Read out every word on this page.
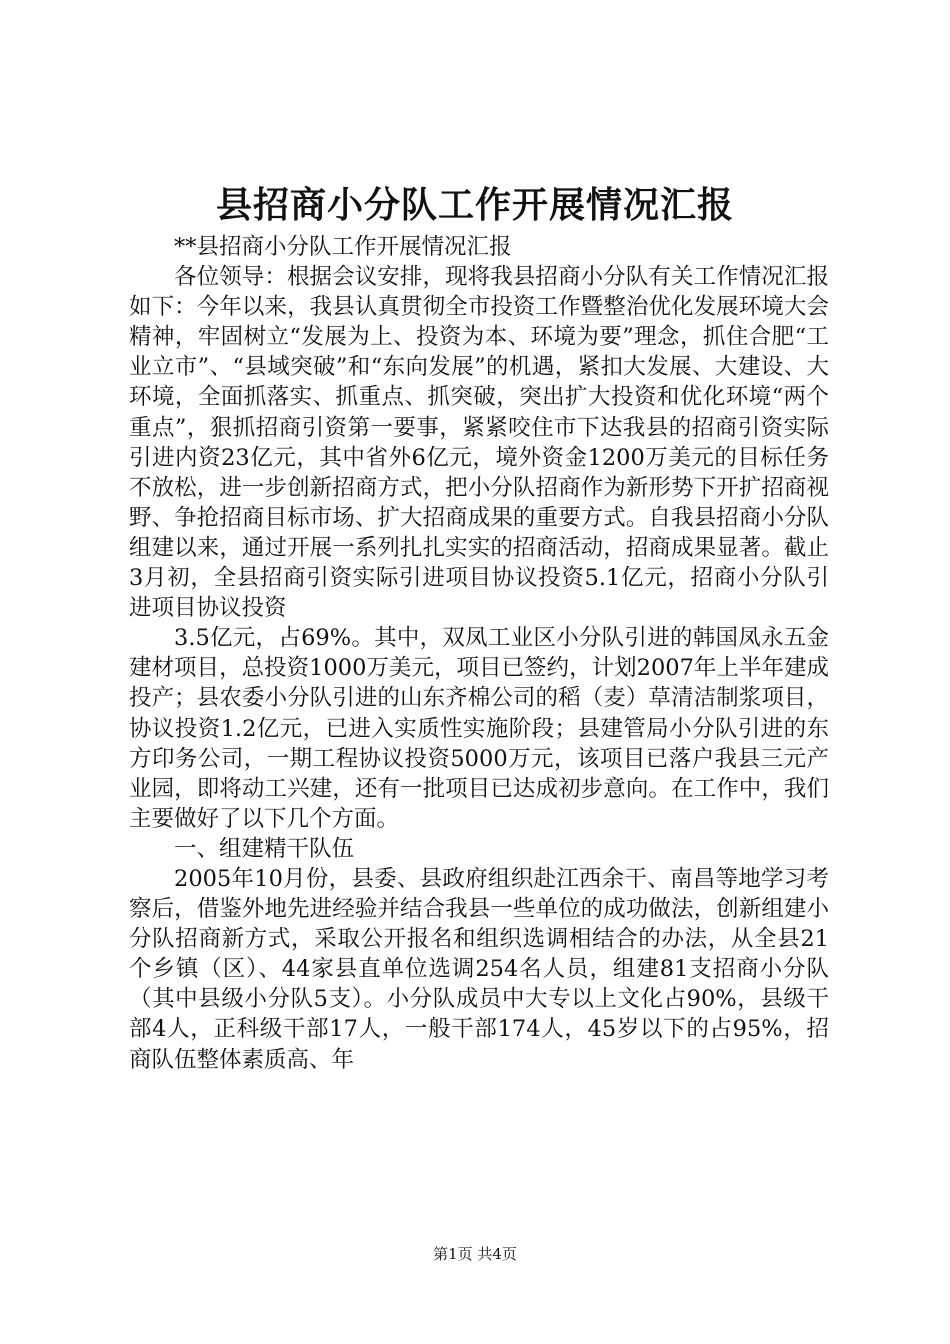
县招商小分队工作开展情况汇报

**县招商小分队工作开展情况汇报

各位领导：根据会议安排，现将我县招商小分队有关工作情况汇报如下：今年以来，我县认真贯彻全市投资工作暨整治优化发展环境大会精神，牢固树立“发展为上、投资为本、环境为要”理念，抓住合肥“工业立市”、“县域突破”和“东向发展”的机遇，紧扣大发展、大建设、大环境，全面抓落实、抓重点、抓突破，突出扩大投资和优化环境“两个重点”，狠抓招商引资第一要事，紧紧咬住市下达我县的招商引资实际引进内资23亿元，其中省外6亿元，境外资金1200万美元的目标任务不放松，进一步创新招商方式，把小分队招商作为新形势下开扩招商视野、争抢招商目标市场、扩大招商成果的重要方式。自我县招商小分队组建以来，通过开展一系列扎扎实实的招商活动，招商成果显著。截止3月初，全县招商引资实际引进项目协议投资5.1亿元，招商小分队引进项目协议投资

3.5亿元，占69%。其中，双凤工业区小分队引进的韩国凤永五金建材项目，总投资1000万美元，项目已签约，计划2007年上半年建成投产；县农委小分队引进的山东齐棉公司的稻（麦）草清洁制浆项目，协议投资1.2亿元，已进入实质性实施阶段；县建管局小分队引进的东方印务公司，一期工程协议投资5000万元，该项目已落户我县三元产业园，即将动工兴建，还有一批项目已达成初步意向。在工作中，我们主要做好了以下几个方面。

一、组建精干队伍

2005年10月份，县委、县政府组织赴江西余干、南昌等地学习考察后，借鉴外地先进经验并结合我县一些单位的成功做法，创新组建小分队招商新方式，采取公开报名和组织选调相结合的办法，从全县21个乡镇（区）、44家县直单位选调254名人员，组建81支招商小分队（其中县级小分队5支）。小分队成员中大专以上文化占90%，县级干部4人，正科级干部17人，一般干部174人，45岁以下的占95%，招商队伍整体素质高、年

第1页 共4页
